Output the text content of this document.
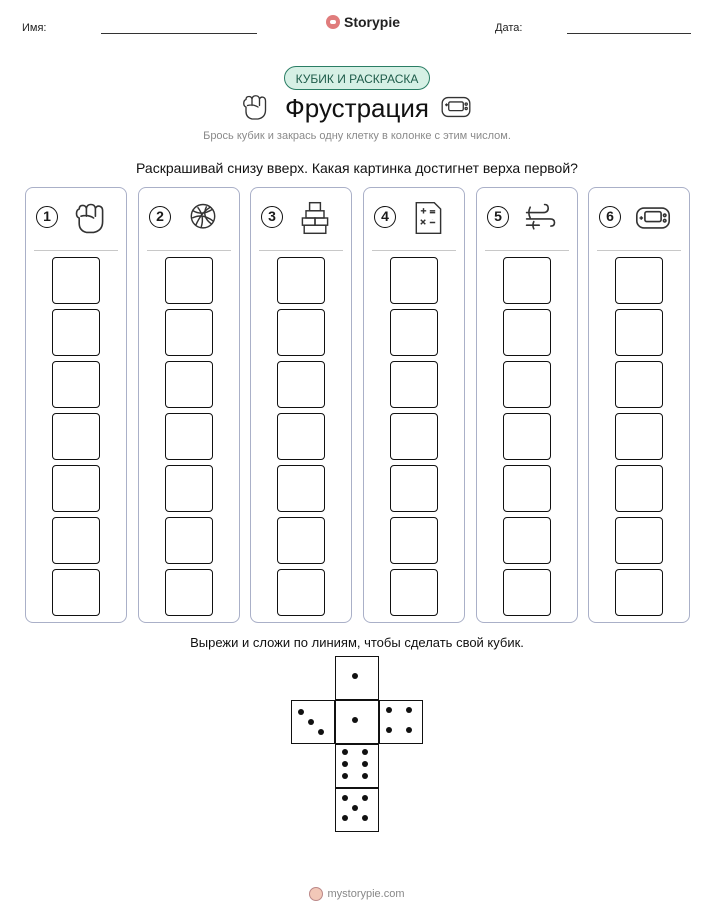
Имя:	Storypie	Дата:
КУБИК И РАСКРАСКА
Фрустрация
Брось кубик и закрась одну клетку в колонке с этим числом.
Раскрашивай снизу вверх. Какая картинка достигнет верха первой?
1	2	3	4	5	6
Вырежи и сложи по линиям, чтобы сделать свой кубик.
mystorypie.com
